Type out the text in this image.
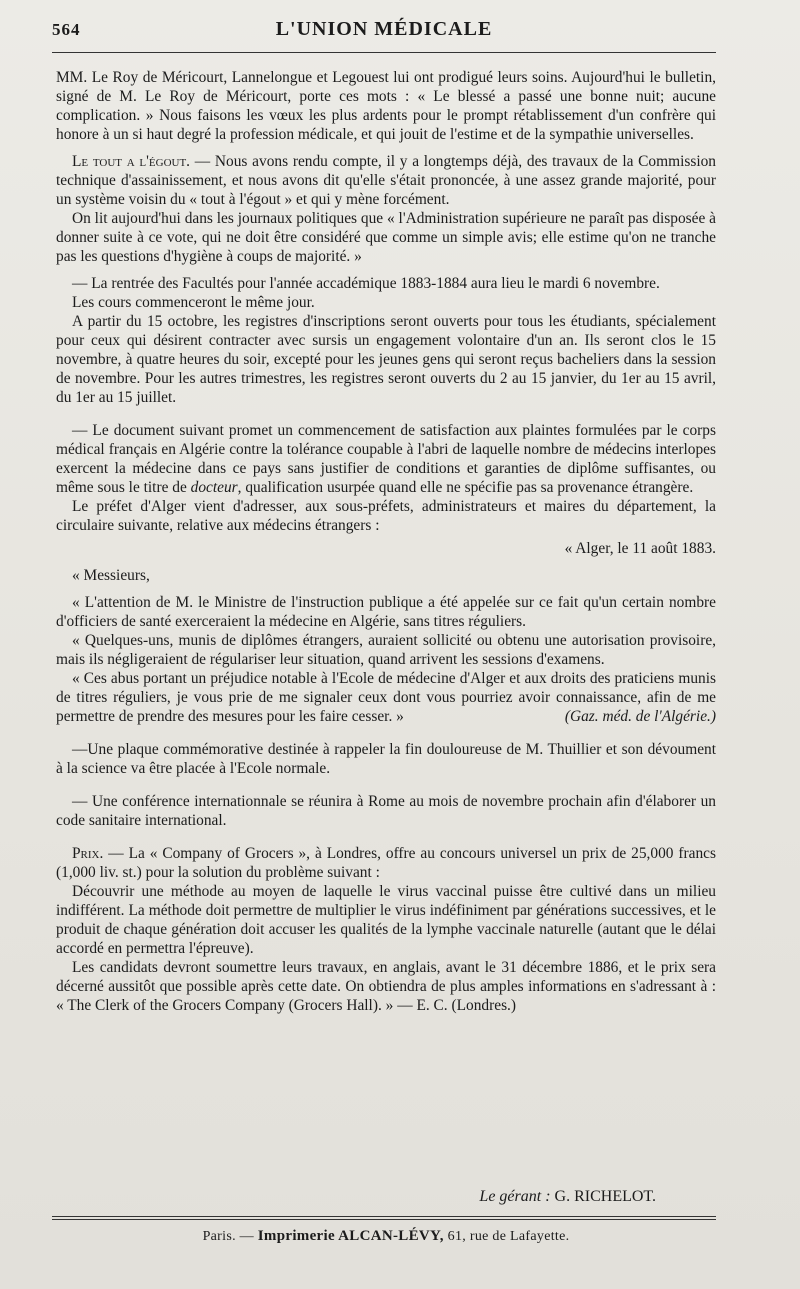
564	L'UNION MÉDICALE

MM. Le Roy de Méricourt, Lannelongue et Legouest lui ont prodigué leurs soins. Aujourd'hui le bulletin, signé de M. Le Roy de Méricourt, porte ces mots : « Le blessé a passé une bonne nuit; aucune complication. » Nous faisons les vœux les plus ardents pour le prompt rétablissement d'un confrère qui honore à un si haut degré la profession médicale, et qui jouit de l'estime et de la sympathie universelles.

Le tout a l'égout. — Nous avons rendu compte, il y a longtemps déjà, des travaux de la Commission technique d'assainissement, et nous avons dit qu'elle s'était prononcée, à une assez grande majorité, pour un système voisin du « tout à l'égout » et qui y mène forcément.

On lit aujourd'hui dans les journaux politiques que « l'Administration supérieure ne paraît pas disposée à donner suite à ce vote, qui ne doit être considéré que comme un simple avis; elle estime qu'on ne tranche pas les questions d'hygiène à coups de majorité. »

— La rentrée des Facultés pour l'année accadémique 1883-1884 aura lieu le mardi 6 novembre.

Les cours commenceront le même jour.

A partir du 15 octobre, les registres d'inscriptions seront ouverts pour tous les étudiants, spécialement pour ceux qui désirent contracter avec sursis un engagement volontaire d'un an. Ils seront clos le 15 novembre, à quatre heures du soir, excepté pour les jeunes gens qui seront reçus bacheliers dans la session de novembre. Pour les autres trimestres, les registres seront ouverts du 2 au 15 janvier, du 1er au 15 avril, du 1er au 15 juillet.

— Le document suivant promet un commencement de satisfaction aux plaintes formulées par le corps médical français en Algérie contre la tolérance coupable à l'abri de laquelle nombre de médecins interlopes exercent la médecine dans ce pays sans justifier de conditions et garanties de diplôme suffisantes, ou même sous le titre de docteur, qualification usurpée quand elle ne spécifie pas sa provenance étrangère.

Le préfet d'Alger vient d'adresser, aux sous-préfets, administrateurs et maires du département, la circulaire suivante, relative aux médecins étrangers :

« Alger, le 11 août 1883.

« Messieurs,

« L'attention de M. le Ministre de l'instruction publique a été appelée sur ce fait qu'un certain nombre d'officiers de santé exerceraient la médecine en Algérie, sans titres réguliers.

« Quelques-uns, munis de diplômes étrangers, auraient sollicité ou obtenu une autorisation provisoire, mais ils négligeraient de régulariser leur situation, quand arrivent les sessions d'examens.

« Ces abus portant un préjudice notable à l'Ecole de médecine d'Alger et aux droits des praticiens munis de titres réguliers, je vous prie de me signaler ceux dont vous pourriez avoir connaissance, afin de me permettre de prendre des mesures pour les faire cesser. »	(Gaz. méd. de l'Algérie.)

—Une plaque commémorative destinée à rappeler la fin douloureuse de M. Thuillier et son dévoument à la science va être placée à l'Ecole normale.

— Une conférence internationnale se réunira à Rome au mois de novembre prochain afin d'élaborer un code sanitaire international.

Prix. — La « Company of Grocers », à Londres, offre au concours universel un prix de 25,000 francs (1,000 liv. st.) pour la solution du problème suivant :

Découvrir une méthode au moyen de laquelle le virus vaccinal puisse être cultivé dans un milieu indifférent. La méthode doit permettre de multiplier le virus indéfiniment par générations successives, et le produit de chaque génération doit accuser les qualités de la lymphe vaccinale naturelle (autant que le délai accordé en permettra l'épreuve).

Les candidats devront soumettre leurs travaux, en anglais, avant le 31 décembre 1886, et le prix sera décerné aussitôt que possible après cette date. On obtiendra de plus amples informations en s'adressant à : « The Clerk of the Grocers Company (Grocers Hall). » — E. C. (Londres.)

Le gérant : G. RICHELOT.
Paris. — Imprimerie ALCAN-LÉVY, 61, rue de Lafayette.
